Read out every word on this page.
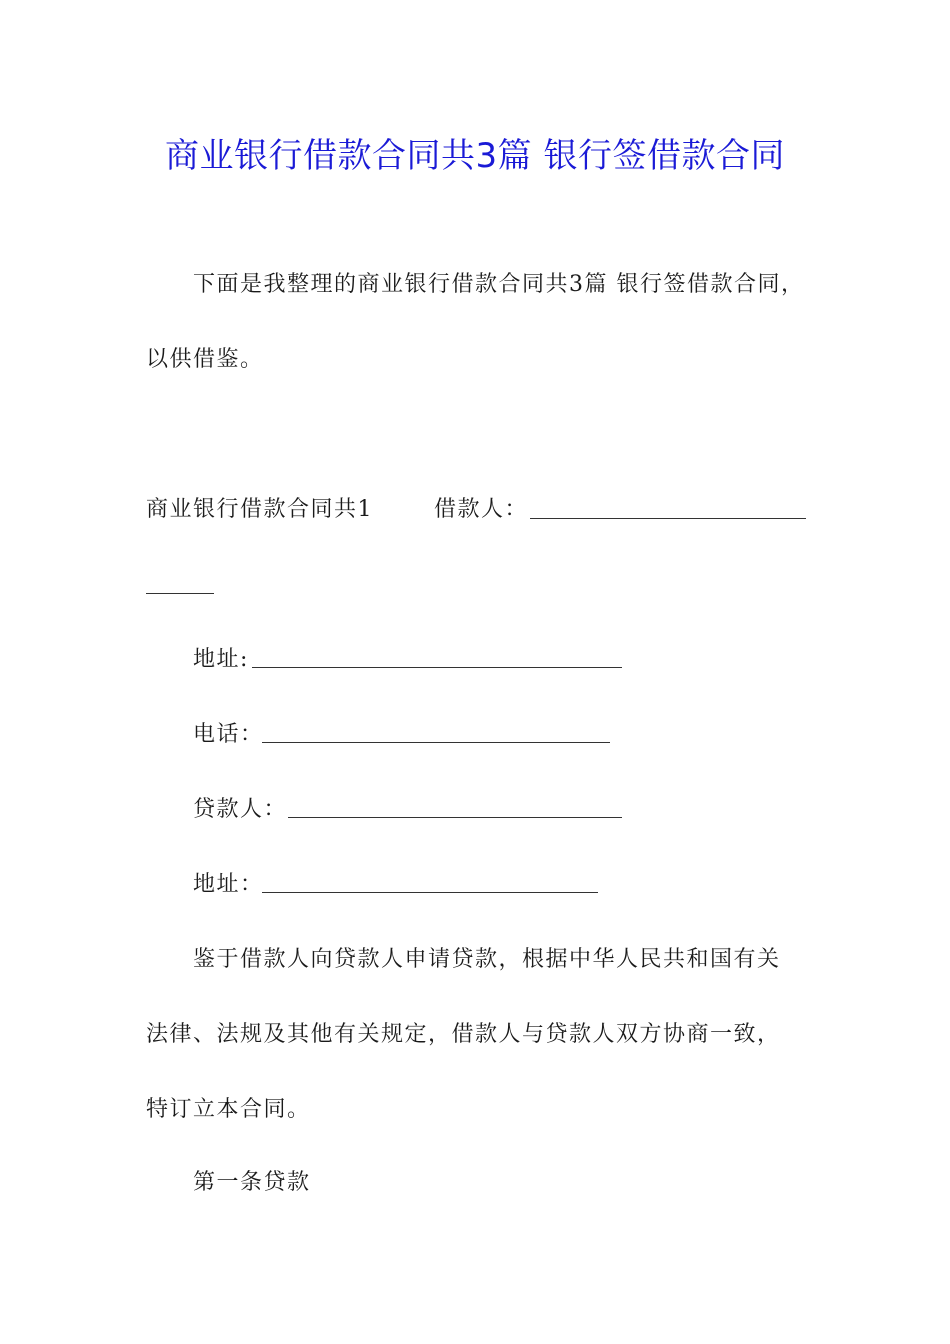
商业银行借款合同共3篇 银行签借款合同
下面是我整理的商业银行借款合同共3篇 银行签借款合同，
以供借鉴。
商业银行借款合同共1	借款人：
地址:
电话：
贷款人：
地址：
鉴于借款人向贷款人申请贷款，根据中华人民共和国有关
法律、法规及其他有关规定，借款人与贷款人双方协商一致，
特订立本合同。
第一条贷款
